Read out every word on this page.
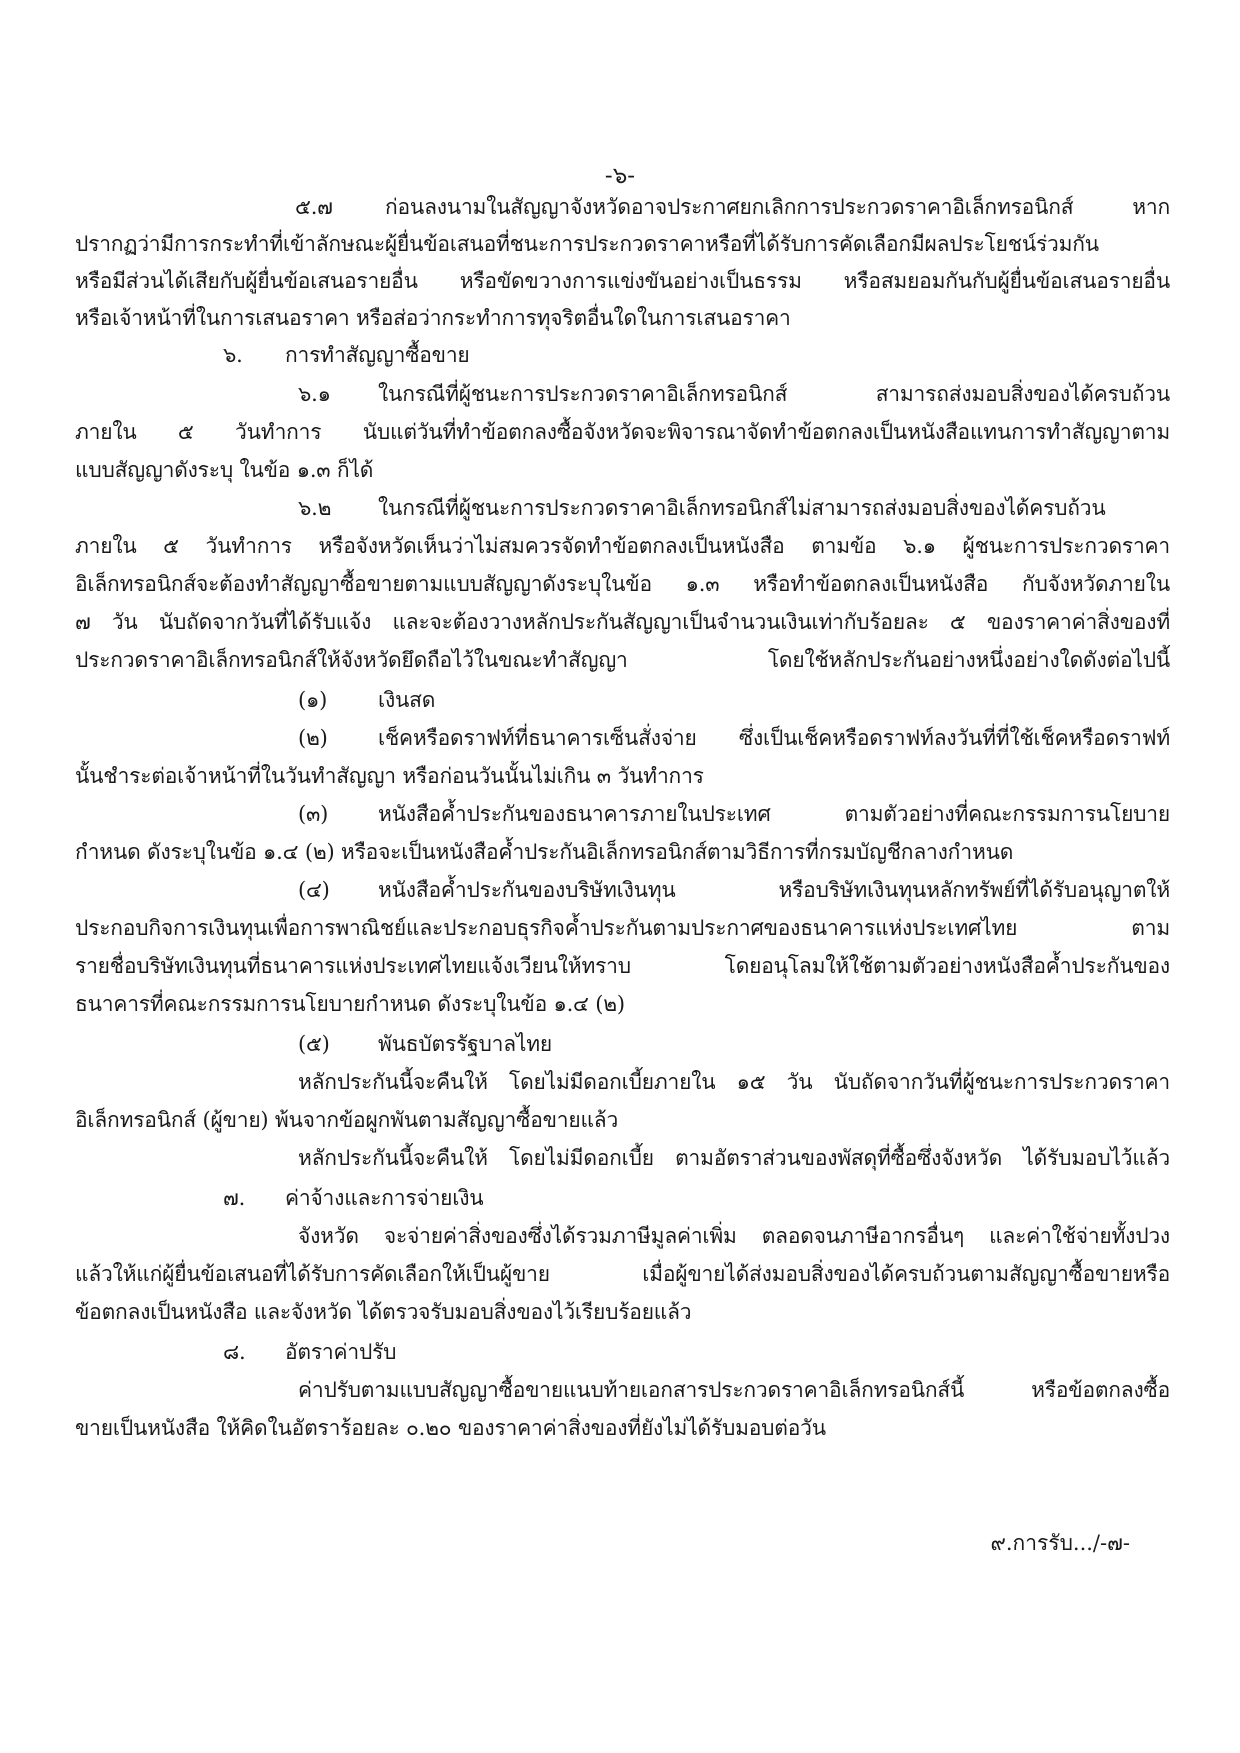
-๖-
๕.๗ ก่อนลงนามในสัญญาจังหวัดอาจประกาศยกเลิกการประกวดราคาอิเล็กทรอนิกส์ หาก
ปรากฏว่ามีการกระทำที่เข้าลักษณะผู้ยื่นข้อเสนอที่ชนะการประกวดราคาหรือที่ได้รับการคัดเลือกมีผลประโยชน์ร่วมกัน
หรือมีส่วนได้เสียกับผู้ยื่นข้อเสนอรายอื่น หรือขัดขวางการแข่งขันอย่างเป็นธรรม หรือสมยอมกันกับผู้ยื่นข้อเสนอรายอื่น
หรือเจ้าหน้าที่ในการเสนอราคา หรือส่อว่ากระทำการทุจริตอื่นใดในการเสนอราคา
๖. การทำสัญญาซื้อขาย
๖.๑ ในกรณีที่ผู้ชนะการประกวดราคาอิเล็กทรอนิกส์ สามารถส่งมอบสิ่งของได้ครบถ้วน
ภายใน ๕ วันทำการ นับแต่วันที่ทำข้อตกลงซื้อจังหวัดจะพิจารณาจัดทำข้อตกลงเป็นหนังสือแทนการทำสัญญาตาม
แบบสัญญาดังระบุ ในข้อ ๑.๓ ก็ได้
๖.๒ ในกรณีที่ผู้ชนะการประกวดราคาอิเล็กทรอนิกส์ไม่สามารถส่งมอบสิ่งของได้ครบถ้วน
ภายใน ๕ วันทำการ หรือจังหวัดเห็นว่าไม่สมควรจัดทำข้อตกลงเป็นหนังสือ ตามข้อ ๖.๑ ผู้ชนะการประกวดราคา
อิเล็กทรอนิกส์จะต้องทำสัญญาซื้อขายตามแบบสัญญาดังระบุในข้อ ๑.๓ หรือทำข้อตกลงเป็นหนังสือ กับจังหวัดภายใน
๗ วัน นับถัดจากวันที่ได้รับแจ้ง และจะต้องวางหลักประกันสัญญาเป็นจำนวนเงินเท่ากับร้อยละ ๕ ของราคาค่าสิ่งของที่
ประกวดราคาอิเล็กทรอนิกส์ให้จังหวัดยึดถือไว้ในขณะทำสัญญา โดยใช้หลักประกันอย่างหนึ่งอย่างใดดังต่อไปนี้
(๑) เงินสด
(๒) เช็คหรือดราฟท์ที่ธนาคารเซ็นสั่งจ่าย ซึ่งเป็นเช็คหรือดราฟท์ลงวันที่ที่ใช้เช็คหรือดราฟท์
นั้นชำระต่อเจ้าหน้าที่ในวันทำสัญญา หรือก่อนวันนั้นไม่เกิน ๓ วันทำการ
(๓) หนังสือค้ำประกันของธนาคารภายในประเทศ ตามตัวอย่างที่คณะกรรมการนโยบาย
กำหนด ดังระบุในข้อ ๑.๔ (๒) หรือจะเป็นหนังสือค้ำประกันอิเล็กทรอนิกส์ตามวิธีการที่กรมบัญชีกลางกำหนด
(๔) หนังสือค้ำประกันของบริษัทเงินทุน หรือบริษัทเงินทุนหลักทรัพย์ที่ได้รับอนุญาตให้
ประกอบกิจการเงินทุนเพื่อการพาณิชย์และประกอบธุรกิจค้ำประกันตามประกาศของธนาคารแห่งประเทศไทย ตาม
รายชื่อบริษัทเงินทุนที่ธนาคารแห่งประเทศไทยแจ้งเวียนให้ทราบ โดยอนุโลมให้ใช้ตามตัวอย่างหนังสือค้ำประกันของ
ธนาคารที่คณะกรรมการนโยบายกำหนด ดังระบุในข้อ ๑.๔ (๒)
(๕) พันธบัตรรัฐบาลไทย
หลักประกันนี้จะคืนให้ โดยไม่มีดอกเบี้ยภายใน ๑๕ วัน นับถัดจากวันที่ผู้ชนะการประกวดราคา
อิเล็กทรอนิกส์ (ผู้ขาย) พ้นจากข้อผูกพันตามสัญญาซื้อขายแล้ว
หลักประกันนี้จะคืนให้ โดยไม่มีดอกเบี้ย ตามอัตราส่วนของพัสดุที่ซื้อซึ่งจังหวัด ได้รับมอบไว้แล้ว
๗. ค่าจ้างและการจ่ายเงิน
จังหวัด จะจ่ายค่าสิ่งของซึ่งได้รวมภาษีมูลค่าเพิ่ม ตลอดจนภาษีอากรอื่นๆ และค่าใช้จ่ายทั้งปวง
แล้วให้แก่ผู้ยื่นข้อเสนอที่ได้รับการคัดเลือกให้เป็นผู้ขาย เมื่อผู้ขายได้ส่งมอบสิ่งของได้ครบถ้วนตามสัญญาซื้อขายหรือ
ข้อตกลงเป็นหนังสือ และจังหวัด ได้ตรวจรับมอบสิ่งของไว้เรียบร้อยแล้ว
๘. อัตราค่าปรับ
ค่าปรับตามแบบสัญญาซื้อขายแนบท้ายเอกสารประกวดราคาอิเล็กทรอนิกส์นี้ หรือข้อตกลงซื้อ
ขายเป็นหนังสือ ให้คิดในอัตราร้อยละ ๐.๒๐ ของราคาค่าสิ่งของที่ยังไม่ได้รับมอบต่อวัน
๙.การรับ.../-๗-
